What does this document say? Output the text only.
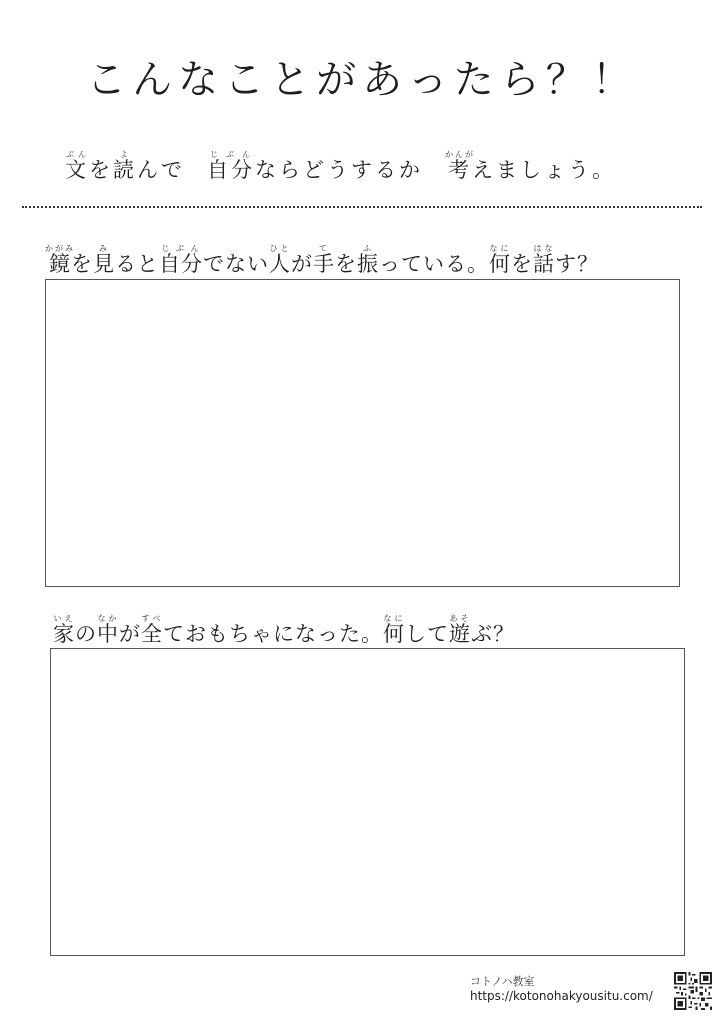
こんなことがあったら？！
文ぶんを読よんで 自分じぶんならどうするか 考かんがえましょう。
鏡かがみを見みると自分じぶんでない人ひとが手てを振ふっている。何なにを話はなす？
家いえの中なかが全すべておもちゃになった。何なにして遊あそぶ？
コトノハ教室
https://kotonohakyousitu.com/
